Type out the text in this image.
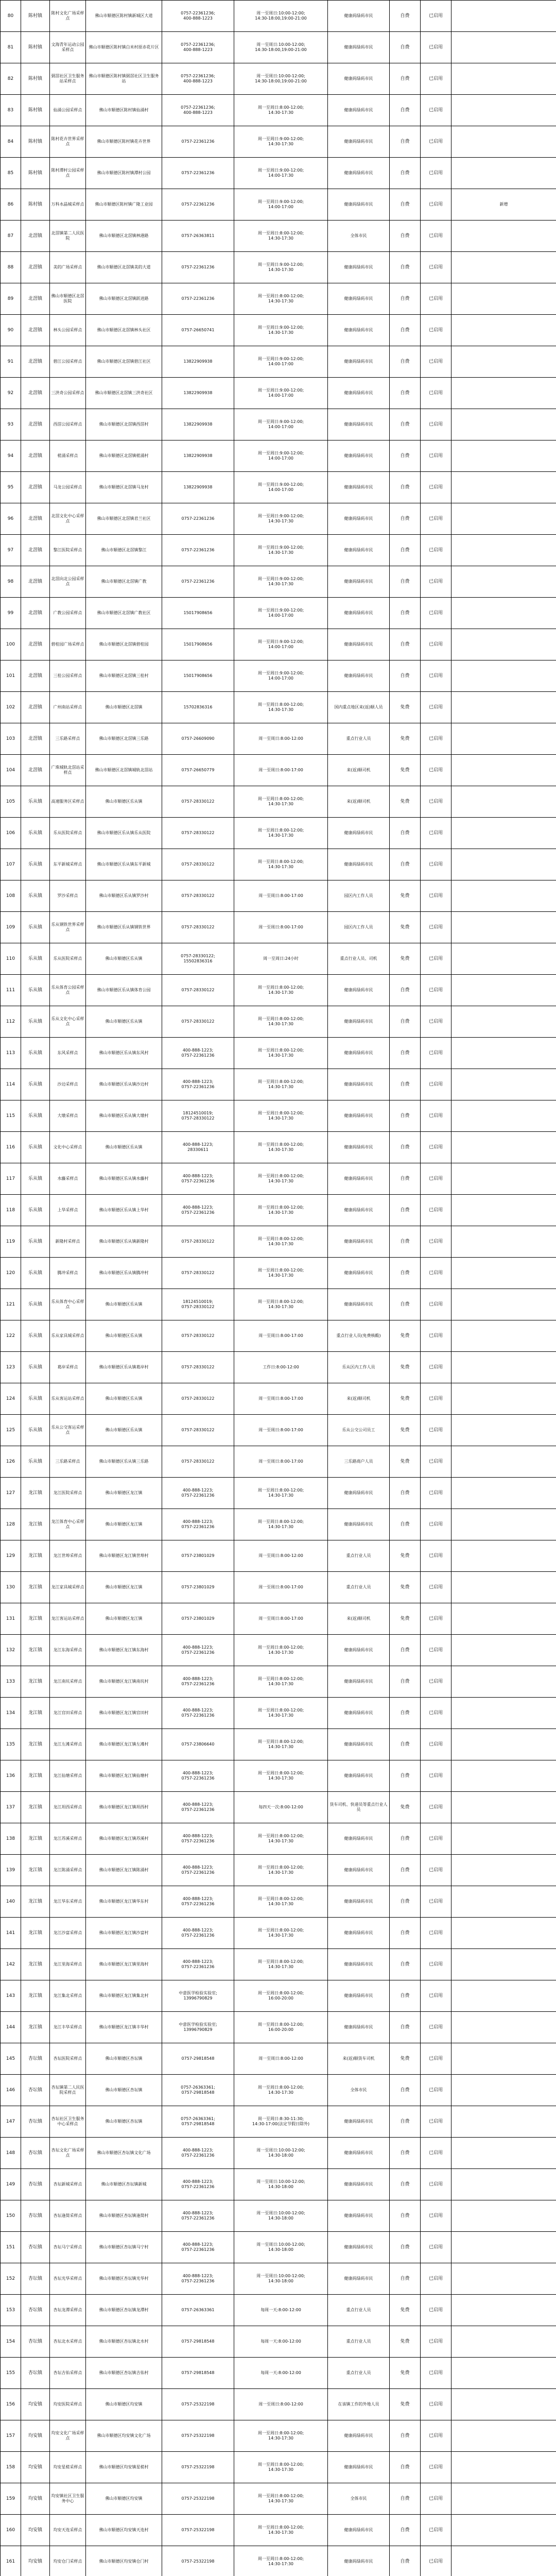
80	陈村镇	陈村文化广场采样点	佛山市顺德区陈村镇新城区大道	0757-22361236;
400-888-1223	周一至周日:10:00-12:00;
14:30-18:00,19:00-21:00	健康码绿码市民	自费	已启用	
81	陈村镇	文海青年运动公园采样点	佛山市顺德区陈村镇白米村原赤花片区	0757-22361236;
400-888-1223	周一至周日:10:00-12:00;
14:30-18:00,19:00-21:00	健康码绿码市民	自费	已启用	
82	陈村镇	弼滘社区卫生服务站采样点	佛山市顺德区陈村镇弼滘社区卫生服务站	0757-22361236;
400-888-1223	周一至周日:10:00-12:00;
14:30-18:00,19:00-21:00	健康码绿码市民	自费	已启用	
83	陈村镇	仙涌公园采样点	佛山市顺德区陈村镇仙涌村	0757-22361236;
400-888-1223	周一至周日:8:00-12:00;
14:30-17:30	健康码绿码市民	自费	已启用	
84	陈村镇	陈村花卉世界采样点	佛山市顺德区陈村镇花卉世界	0757-22361236	周一至周日:9:00-12:00;
14:30-17:30	健康码绿码市民	自费	已启用	
85	陈村镇	陈村潭村公园采样点	佛山市顺德区陈村镇潭村公园	0757-22361236	周一至周日:9:00-12:00;
14:00-17:30	健康码绿码市民	自费	已启用	
86	陈村镇	万科水晶城采样点	佛山市顺德区陈村镇广隆工业园	0757-22361236	周一至周日:9:00-12:00;
14:00-17:00	健康码绿码市民	自费	已启用	新增
87	北滘镇	北滘镇第二人民医院	佛山市顺德区北滘镇林港路	0757-26363811	周一至周日:8:00-12:00;
14:30-17:30	全体市民	自费	已启用	
88	北滘镇	美的广场采样点	佛山市顺德区北滘镇美的大道	0757-22361236	周一至周日:9:00-12:00;
14:30-17:30	健康码绿码市民	自费	已启用	
89	北滘镇	佛山市顺德区北滘医院	佛山市顺德区北滘镇跃进路	0757-22361236	周一至周日:8:00-12:00;
14:30-17:30	健康码绿码市民	自费	已启用	
90	北滘镇	林头公园采样点	佛山市顺德区北滘镇林头社区	0757-26650741	周一至周日:9:00-12:00;
14:30-17:30	健康码绿码市民	自费	已启用	
91	北滘镇	碧江公园采样点	佛山市顺德区北滘镇碧江社区	13822909938	周一至周日:9:00-12:00;
14:00-17:00	健康码绿码市民	自费	已启用	
92	北滘镇	三洪奇公园采样点	佛山市顺德区北滘镇三洪奇社区	13822909938	周一至周日:9:00-12:00;
14:00-17:00	健康码绿码市民	自费	已启用	
93	北滘镇	西滘公园采样点	佛山市顺德区北滘镇西滘村	13822909938	周一至周日:9:00-12:00;
14:00-17:00	健康码绿码市民	自费	已启用	
94	北滘镇	槎涌采样点	佛山市顺德区北滘镇槎涌村	13822909938	周一至周日:9:00-12:00;
14:00-17:00	健康码绿码市民	自费	已启用	
95	北滘镇	马龙公园采样点	佛山市顺德区北滘镇马龙村	13822909938	周一至周日:9:00-12:00;
14:00-17:00	健康码绿码市民	自费	已启用	
96	北滘镇	北滘文化中心采样点	佛山市顺德区北滘镇君兰社区	0757-22361236	周一至周日:9:00-12:00;
14:30-17:30	健康码绿码市民	自费	已启用	
97	北滘镇	黎江医院采样点	佛山市顺德区北滘镇黎江	0757-22361236	周一至周日:9:00-12:00;
14:30-17:30	健康码绿码市民	自费	已启用	
98	北滘镇	北滘向北公园采样点	佛山市顺德区北滘镇广教	0757-22361236	周一至周日:9:00-12:00;
14:30-17:30	健康码绿码市民	自费	已启用	
99	北滘镇	广教公园采样点	佛山市顺德区北滘镇广教社区	15017908656	周一至周日:9:00-12:00;
14:00-17:00	健康码绿码市民	自费	已启用	
100	北滘镇	碧桂园广场采样点	佛山市顺德区北滘镇碧桂园	15017908656	周一至周日:9:00-12:00;
14:00-17:00	健康码绿码市民	自费	已启用	
101	北滘镇	三桂公园采样点	佛山市顺德区北滘镇三桂村	15017908656	周一至周日:9:00-12:00;
14:00-17:00	健康码绿码市民	自费	已启用	
102	北滘镇	广州南站采样点	佛山市顺德区北滘镇	15702836316	周一至周日:8:00-12:00;
14:30-17:30	国内重点地区来(返)顺人员	免费	已启用	
103	北滘镇	三乐路采样点	佛山市顺德区北滘镇三乐路	0757-26609090	周一至周日:8:00-12:00	重点行业人员	免费	已启用	
104	北滘镇	广珠城轨北滘站采样点	佛山市顺德区北滘镇城轨北滘站	0757-26650779	周一至周日:8:00-17:00	来(返)顺司机	免费	已启用	
105	乐从镇	高速服务区采样点	佛山市顺德区乐从镇	0757-28330122	周一至周日:8:00-12:00;
14:30-17:30	来(返)顺司机	免费	已启用	
106	乐从镇	乐从医院采样点	佛山市顺德区乐从镇乐从医院	0757-28330122	周一至周日:8:00-12:00;
14:30-17:30	健康码绿码市民	自费	已启用	
107	乐从镇	东平新城采样点	佛山市顺德区乐从镇东平新城	0757-28330122	周一至周日:8:00-12:00;
14:30-17:30	健康码绿码市民	自费	已启用	
108	乐从镇	罗沙采样点	佛山市顺德区乐从镇罗沙村	0757-28330122	周一至周日:8:00-17:00	园区内工作人员	免费	已启用	
109	乐从镇	乐从钢铁世界采样点	佛山市顺德区乐从镇钢铁世界	0757-28330122	周一至周日:8:00-17:00	园区内工作人员	免费	已启用	
110	乐从镇	乐从医院采样点	佛山市顺德区乐从镇	0757-28330122;
15502836316	周一至周日:24小时	重点行业人员、司机	免费	已启用	
111	乐从镇	乐从体育公园采样点	佛山市顺德区乐从镇体育公园	0757-28330122	周一至周日:8:00-12:00;
14:30-17:30	健康码绿码市民	自费	已启用	
112	乐从镇	乐从文化中心采样点	佛山市顺德区乐从镇	0757-28330122	周一至周日:8:00-12:00;
14:30-17:30	健康码绿码市民	自费	已启用	
113	乐从镇	东风采样点	佛山市顺德区乐从镇东风村	400-888-1223;
0757-22361236	周一至周日:8:00-12:00;
14:30-17:30	健康码绿码市民	自费	已启用	
114	乐从镇	沙边采样点	佛山市顺德区乐从镇沙边村	400-888-1223;
0757-22361236	周一至周日:8:00-12:00;
14:30-17:30	健康码绿码市民	自费	已启用	
115	乐从镇	大墩采样点	佛山市顺德区乐从镇大墩村	18124510019;
0757-28330122	周一至周日:8:00-12:00;
14:30-17:30	健康码绿码市民	自费	已启用	
116	乐从镇	文化中心采样点	佛山市顺德区乐从镇	400-888-1223;
28330611	周一至周日:8:00-12:00;
14:30-17:30	健康码绿码市民	自费	已启用	
117	乐从镇	水藤采样点	佛山市顺德区乐从镇水藤村	400-888-1223;
0757-22361236	周一至周日:8:00-12:00;
14:30-17:30	健康码绿码市民	自费	已启用	
118	乐从镇	上华采样点	佛山市顺德区乐从镇上华村	400-888-1223;
0757-22361236	周一至周日:8:00-12:00;
14:30-17:30	健康码绿码市民	自费	已启用	
119	乐从镇	新隆村采样点	佛山市顺德区乐从镇新隆村	0757-28330122	周一至周日:8:00-12:00;
14:30-17:30	健康码绿码市民	自费	已启用	
120	乐从镇	腾冲采样点	佛山市顺德区乐从镇腾冲村	0757-28330122	周一至周日:8:00-12:00;
14:30-17:30	健康码绿码市民	自费	已启用	
121	乐从镇	乐从体育中心采样点	佛山市顺德区乐从镇	18124510019;
0757-28330122	周一至周日:8:00-12:00;
14:30-17:30	健康码绿码市民	自费	已启用	
122	乐从镇	乐从家具城采样点	佛山市顺德区乐从镇	0757-28330122	周一至周日:8:00-17:00	重点行业人员(免费核酸)	免费	已启用	
123	乐从镇	葛岸采样点	佛山市顺德区乐从镇葛岸村	0757-28330122	工作日:8:00-12:00	乐从区内工作人员	免费	已启用	
124	乐从镇	乐从客运站采样点	佛山市顺德区乐从镇	0757-28330122	周一至周日:8:00-17:00	来(返)顺司机	免费	已启用	
125	乐从镇	乐从公交客运采样点	佛山市顺德区乐从镇	0757-28330122	周一至周日:8:00-17:00	乐从公交公司员工	免费	已启用	
126	乐从镇	三乐路采样点	佛山市顺德区乐从镇三乐路	0757-28330122	周一至周日:8:00-17:00	三乐路商户人员	免费	已启用	
127	龙江镇	龙江医院采样点	佛山市顺德区龙江镇	400-888-1223;
0757-22361236	周一至周日:8:00-12:00;
14:30-17:30	健康码绿码市民	自费	已启用	
128	龙江镇	龙江体育中心采样点	佛山市顺德区龙江镇	400-888-1223;
0757-22361236	周一至周日:8:00-12:00;
14:30-17:30	健康码绿码市民	自费	已启用	
129	龙江镇	龙江世埠采样点	佛山市顺德区龙江镇世埠村	0757-23801029	周一至周日:8:00-12:00	重点行业人员	免费	已启用	
130	龙江镇	龙江家具城采样点	佛山市顺德区龙江镇	0757-23801029	周一至周日:8:00-17:00	重点行业人员	免费	已启用	
131	龙江镇	龙江客运站采样点	佛山市顺德区龙江镇	0757-23801029	周一至周日:8:00-17:00	来(返)顺司机	免费	已启用	
132	龙江镇	龙江东海采样点	佛山市顺德区龙江镇东海村	400-888-1223;
0757-22361236	周一至周日:8:00-12:00;
14:30-17:30	健康码绿码市民	自费	已启用	
133	龙江镇	龙江南坑采样点	佛山市顺德区龙江镇南坑村	400-888-1223;
0757-22361236	周一至周日:8:00-12:00;
14:30-17:30	健康码绿码市民	自费	已启用	
134	龙江镇	龙江官田采样点	佛山市顺德区龙江镇官田村	400-888-1223;
0757-22361236	周一至周日:8:00-12:00;
14:30-17:30	健康码绿码市民	自费	已启用	
135	龙江镇	龙江左滩采样点	佛山市顺德区龙江镇左滩村	0757-23806640	周一至周日:8:00-12:00;
14:30-17:30	健康码绿码市民	自费	已启用	
136	龙江镇	龙江仙塘采样点	佛山市顺德区龙江镇仙塘村	400-888-1223;
0757-22361236	周一至周日:8:00-12:00;
14:30-17:30	健康码绿码市民	自费	已启用	
137	龙江镇	龙江坦西采样点	佛山市顺德区龙江镇坦西村	400-888-1223;
0757-22361236	每四天一次:8:00-12:00	货车司机、快递员等重点行业人员	免费	已启用	
138	龙江镇	龙江苏溪采样点	佛山市顺德区龙江镇苏溪村	400-888-1223;
0757-22361236	周一至周日:8:00-12:00;
14:30-17:30	健康码绿码市民	自费	已启用	
139	龙江镇	龙江陈涌采样点	佛山市顺德区龙江镇陈涌村	400-888-1223;
0757-22361236	周一至周日:8:00-12:00;
14:30-17:30	健康码绿码市民	自费	已启用	
140	龙江镇	龙江华东采样点	佛山市顺德区龙江镇华东村	400-888-1223;
0757-22361236	周一至周日:8:00-12:00;
14:30-17:30	健康码绿码市民	自费	已启用	
141	龙江镇	龙江沙富采样点	佛山市顺德区龙江镇沙富村	400-888-1223;
0757-22361236	周一至周日:8:00-12:00;
14:30-17:30	健康码绿码市民	自费	已启用	
142	龙江镇	龙江里海采样点	佛山市顺德区龙江镇里海村	400-888-1223;
0757-22361236	周一至周日:8:00-12:00;
14:30-17:30	健康码绿码市民	自费	已启用	
143	龙江镇	龙江集北采样点	佛山市顺德区龙江镇集北村	中意医学检验实验室;
13996790829	周一至周日:8:00-12:00;
16:00-20:00	健康码绿码市民	自费	已启用	
144	龙江镇	龙江丰华采样点	佛山市顺德区龙江镇丰华村	中意医学检验实验室;
13996790829	周一至周日:8:00-12:00;
16:00-20:00	健康码绿码市民	自费	已启用	
145	杏坛镇	杏坛医院采样点	佛山市顺德区杏坛镇	0757-29818548	周一至周日:8:00-12:00	来(返)顺货车司机	免费	已启用	
146	杏坛镇	杏坛镇第二人民医院采样点	佛山市顺德区杏坛镇	0757-26363361;
0757-29818548	周一至周日:8:00-12:00;
14:30-17:30	全体市民	自费	已启用	
147	杏坛镇	杏坛社区卫生服务中心采样点	佛山市顺德区杏坛镇	0757-26363361;
0757-29818548	周一至周日:8:30-11:30;
14:30-17:00(法定节假日除外)	健康码绿码市民	自费	已启用	
148	杏坛镇	杏坛文化广场采样点	佛山市顺德区杏坛镇文化广场	400-888-1223;
0757-22361236	周一至周日:10:00-12:00;
14:30-18:00	健康码绿码市民	自费	已启用	
149	杏坛镇	杏坛新城采样点	佛山市顺德区杏坛镇新城	400-888-1223;
0757-22361236	周一至周日:10:00-12:00;
14:30-18:00	健康码绿码市民	自费	已启用	
150	杏坛镇	杏坛逢简采样点	佛山市顺德区杏坛镇逢简村	400-888-1223;
0757-22361236	周一至周日:10:00-12:00;
14:30-18:00	健康码绿码市民	自费	已启用	
151	杏坛镇	杏坛马宁采样点	佛山市顺德区杏坛镇马宁村	400-888-1223;
0757-22361236	周一至周日:10:00-12:00;
14:30-18:00	健康码绿码市民	自费	已启用	
152	杏坛镇	杏坛光华采样点	佛山市顺德区杏坛镇光华村	400-888-1223;
0757-22361236	周一至周日:10:00-12:00;
14:30-18:00	健康码绿码市民	自费	已启用	
153	杏坛镇	杏坛龙潭采样点	佛山市顺德区杏坛镇龙潭村	0757-26363361	每周一天:8:00-12:00	重点行业人员	免费	已启用	
154	杏坛镇	杏坛北水采样点	佛山市顺德区杏坛镇北水村	0757-29818548	每周一天:8:00-12:00	重点行业人员	免费	已启用	
155	杏坛镇	杏坛吉佑采样点	佛山市顺德区杏坛镇吉佑村	0757-29818548	每周一天:8:00-12:00	重点行业人员	免费	已启用	
156	均安镇	均安医院采样点	佛山市顺德区均安镇	0757-25322198	周一至周日:8:00-12:00	在该镇工作的外地人员	免费	已启用	
157	均安镇	均安文化广场采样点	佛山市顺德区均安镇文化广场	0757-25322198	周一至周日:8:00-12:00;
14:30-17:30	健康码绿码市民	自费	已启用	
158	均安镇	均安星槎采样点	佛山市顺德区均安镇星槎村	0757-25322198	周一至周日:8:00-12:00;
14:30-17:30	健康码绿码市民	自费	已启用	
159	均安镇	均安镇社区卫生服务中心	佛山市顺德区均安镇	0757-25322198	周一至周日:8:00-12:00;
14:30-17:30	全体市民	自费	已启用	
160	均安镇	均安天连采样点	佛山市顺德区均安镇天连村	0757-25322198	周一至周日:8:00-12:00;
14:30-17:30	健康码绿码市民	自费	已启用	
161	均安镇	均安仓门采样点	佛山市顺德区均安镇仓门村	0757-25322198	周一至周日:8:00-12:00;
14:30-17:30	健康码绿码市民	自费	已启用	
